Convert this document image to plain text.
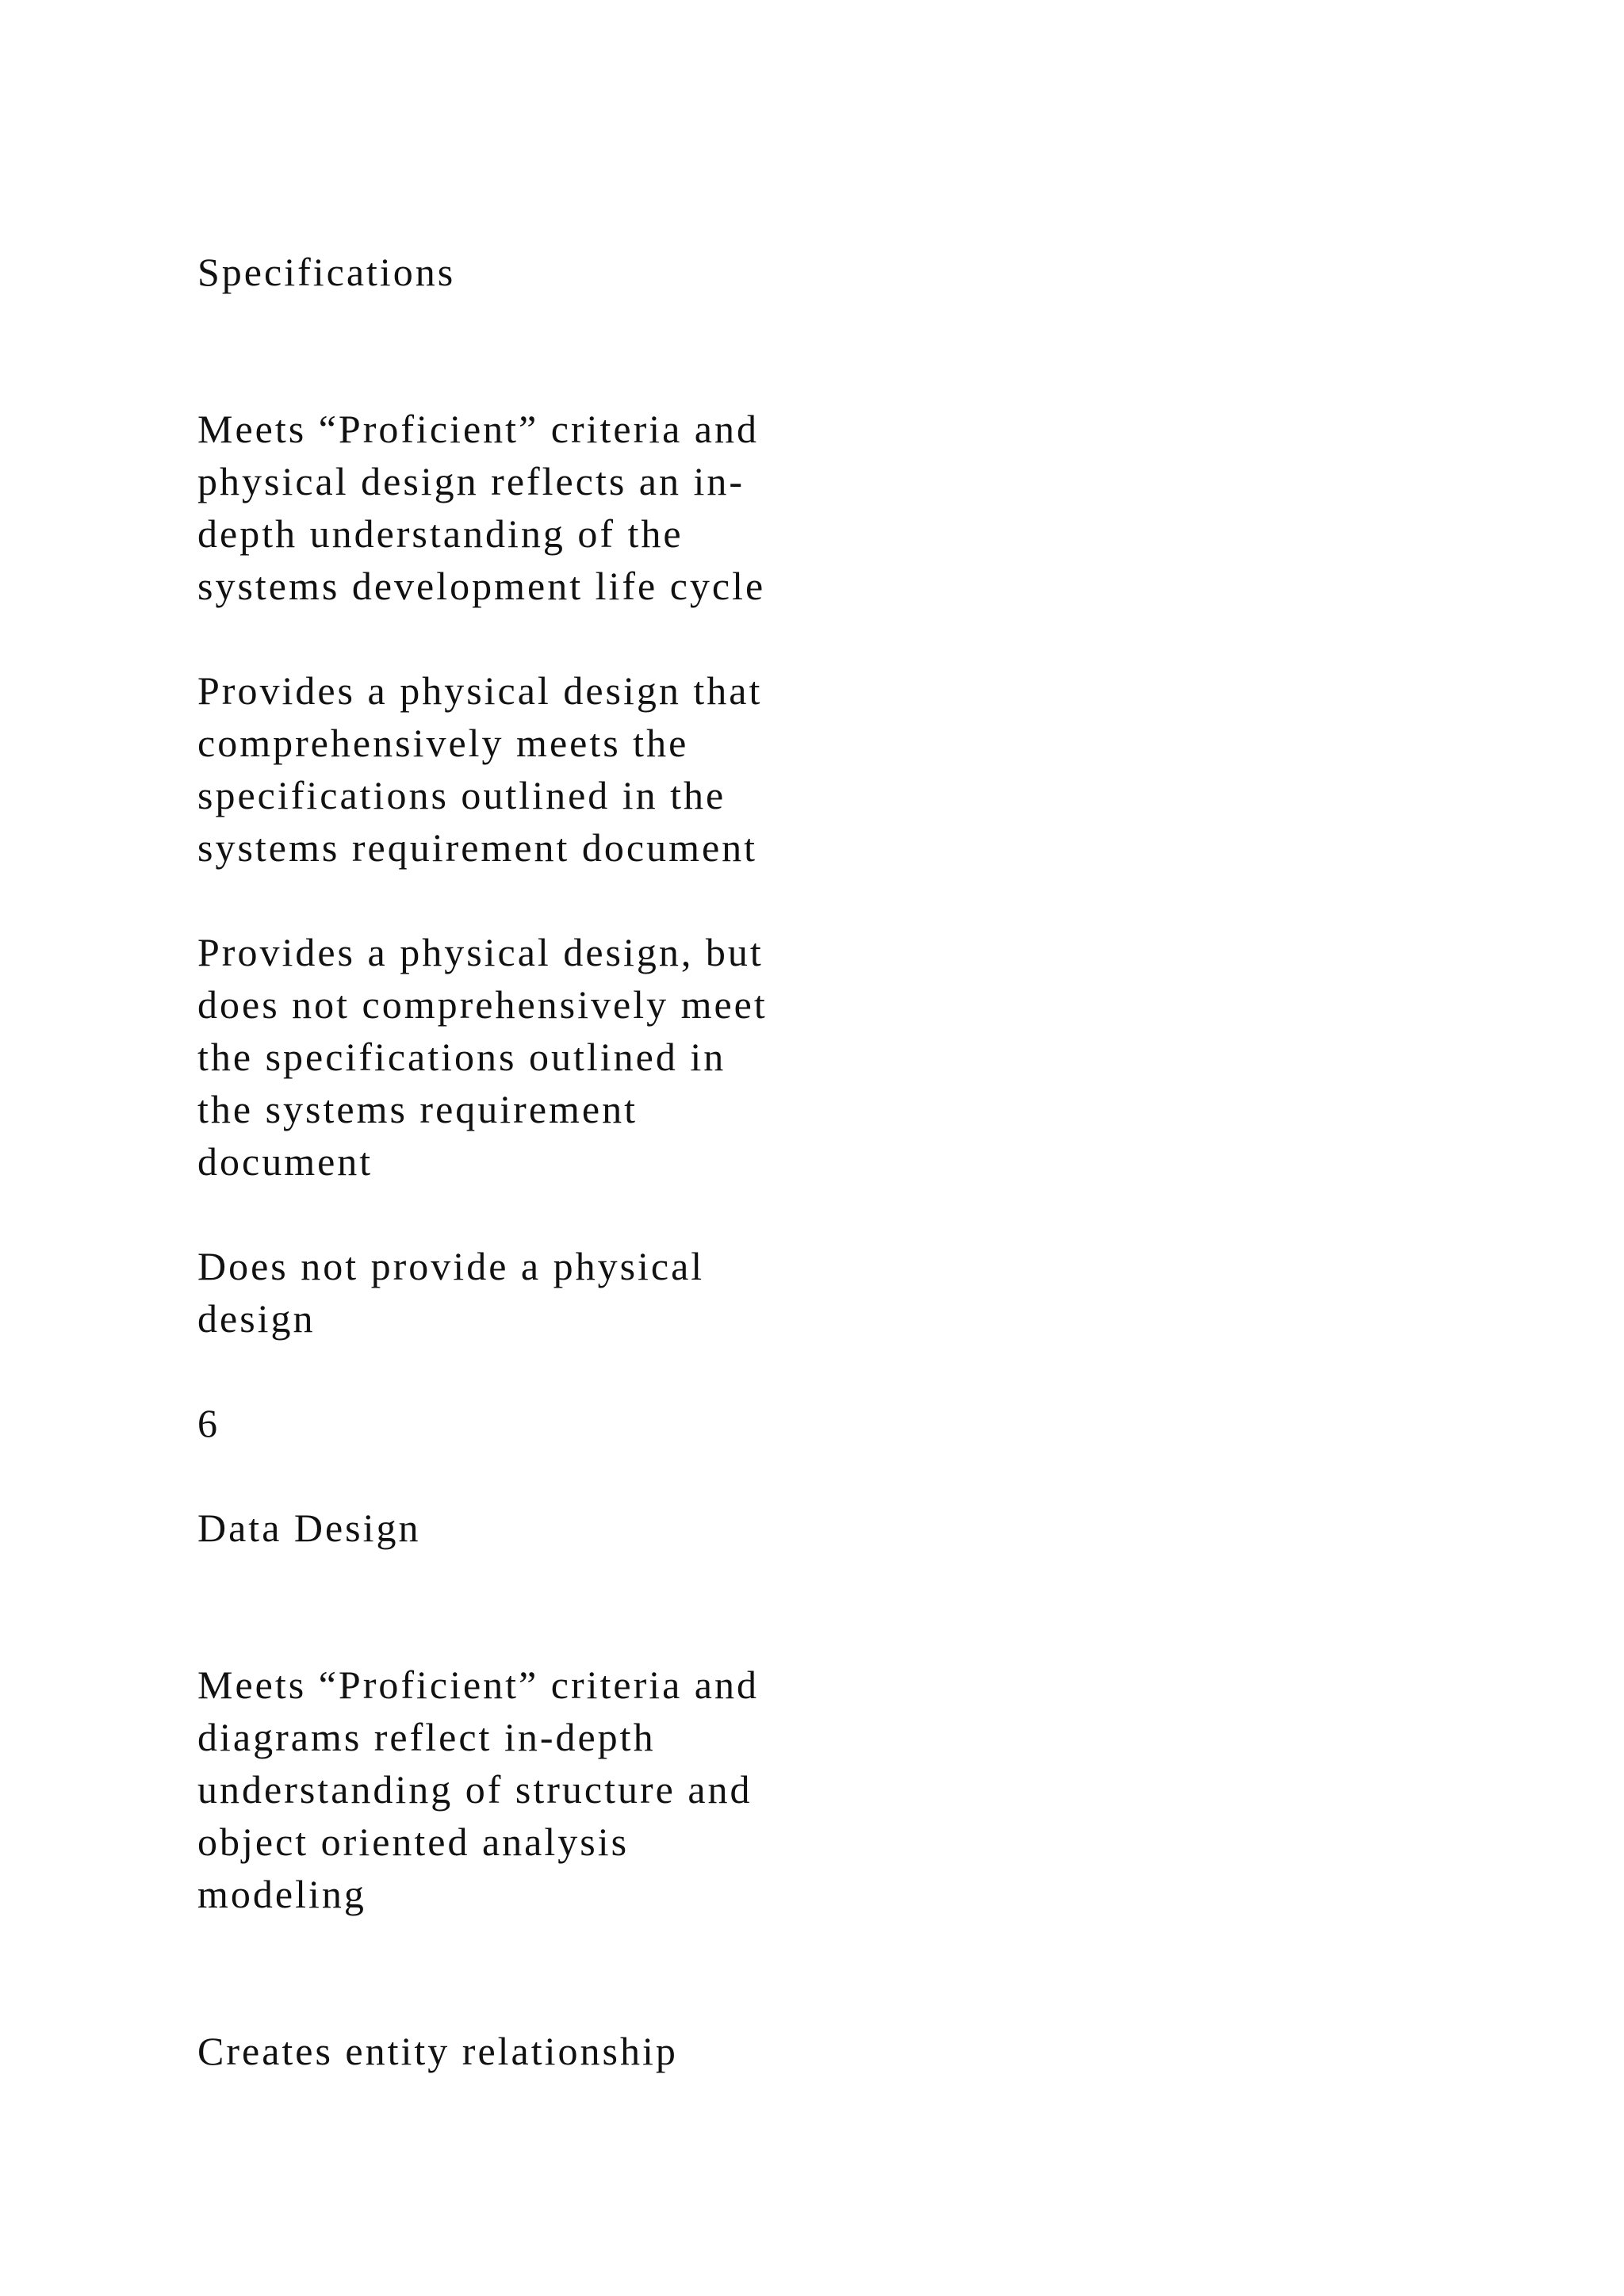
Specifications

Meets “Proficient” criteria and

physical design reflects an in-

depth understanding of the

systems development life cycle

Provides a physical design that

comprehensively meets the

specifications outlined in the

systems requirement document

Provides a physical design, but

does not comprehensively meet

the specifications outlined in

the systems requirement

document

Does not provide a physical

design

6

Data Design

Meets “Proficient” criteria and

diagrams reflect in-depth

understanding of structure and

object oriented analysis

modeling

Creates entity relationship
